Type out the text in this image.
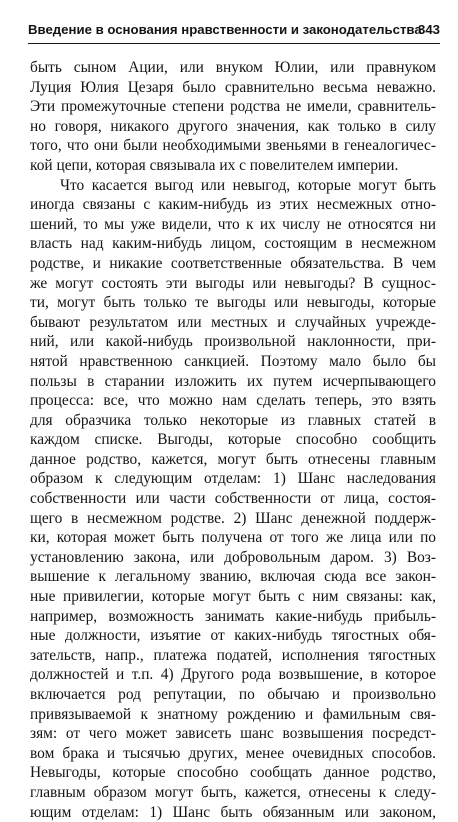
Введение в основания нравственности и законодательства
343
быть сыном Ации, или внуком Юлии, или правнуком
Луция Юлия Цезаря было сравнительно весьма неважно.
Эти промежуточные степени родства не имели, сравнитель-
но говоря, никакого другого значения, как только в силу
того, что они были необходимыми звеньями в генеалогичес-
кой цепи, которая связывала их с повелителем империи.
Что касается выгод или невыгод, которые могут быть
иногда связаны с каким-нибудь из этих несмежных отно-
шений, то мы уже видели, что к их числу не относятся ни
власть над каким-нибудь лицом, состоящим в несмежном
родстве, и никакие соответственные обязательства. В чем
же могут состоять эти выгоды или невыгоды? В сущнос-
ти, могут быть только те выгоды или невыгоды, которые
бывают результатом или местных и случайных учрежде-
ний, или какой-нибудь произвольной наклонности, при-
нятой нравственною санкцией. Поэтому мало было бы
пользы в старании изложить их путем исчерпывающего
процесса: все, что можно нам сделать теперь, это взять
для образчика только некоторые из главных статей в
каждом списке. Выгоды, которые способно сообщить
данное родство, кажется, могут быть отнесены главным
образом к следующим отделам: 1) Шанс наследования
собственности или части собственности от лица, состоя-
щего в несмежном родстве. 2) Шанс денежной поддерж-
ки, которая может быть получена от того же лица или по
установлению закона, или добровольным даром. 3) Воз-
вышение к легальному званию, включая сюда все закон-
ные привилегии, которые могут быть с ним связаны: как,
например, возможность занимать какие-нибудь прибыль-
ные должности, изъятие от каких-нибудь тягостных обя-
зательств, напр., платежа податей, исполнения тягостных
должностей и т.п. 4) Другого рода возвышение, в которое
включается род репутации, по обычаю и произвольно
привязываемой к знатному рождению и фамильным свя-
зям: от чего может зависеть шанс возвышения посредст-
вом брака и тысячью других, менее очевидных способов.
Невыгоды, которые способно сообщать данное родство,
главным образом могут быть, кажется, отнесены к следу-
ющим отделам: 1) Шанс быть обязанным или законом,
